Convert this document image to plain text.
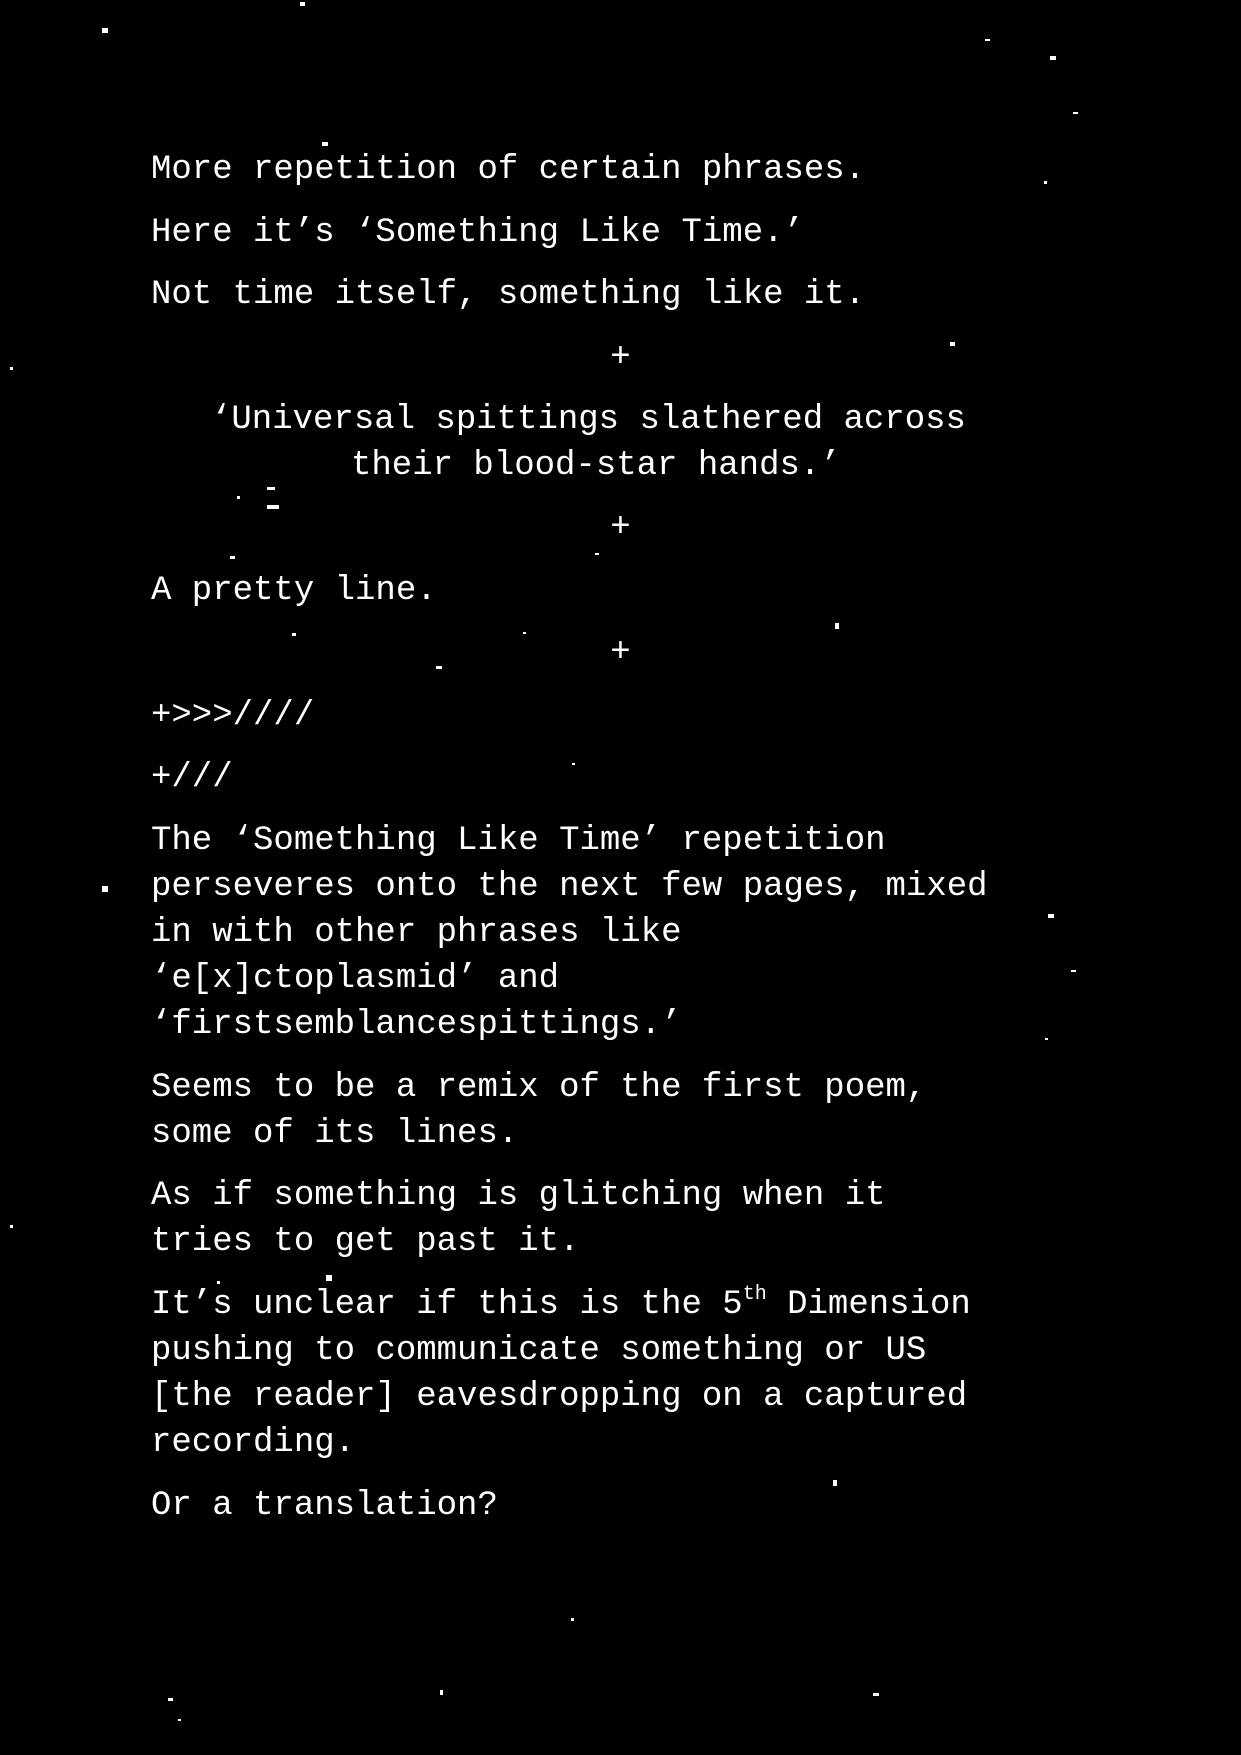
More repetition of certain phrases.

Here it’s ‘Something Like Time.’

Not time itself, something like it.

+

‘Universal spittings slathered across

their blood-star hands.’

+

A pretty line.

+

+>>>////

+///

The ‘Something Like Time’ repetition

perseveres onto the next few pages, mixed

in with other phrases like

‘e[x]ctoplasmid’ and

‘firstsemblancespittings.’

Seems to be a remix of the first poem,

some of its lines.

As if something is glitching when it

tries to get past it.

It’s unclear if this is the 5th Dimension

pushing to communicate something or US

[the reader] eavesdropping on a captured

recording.

Or a translation?
